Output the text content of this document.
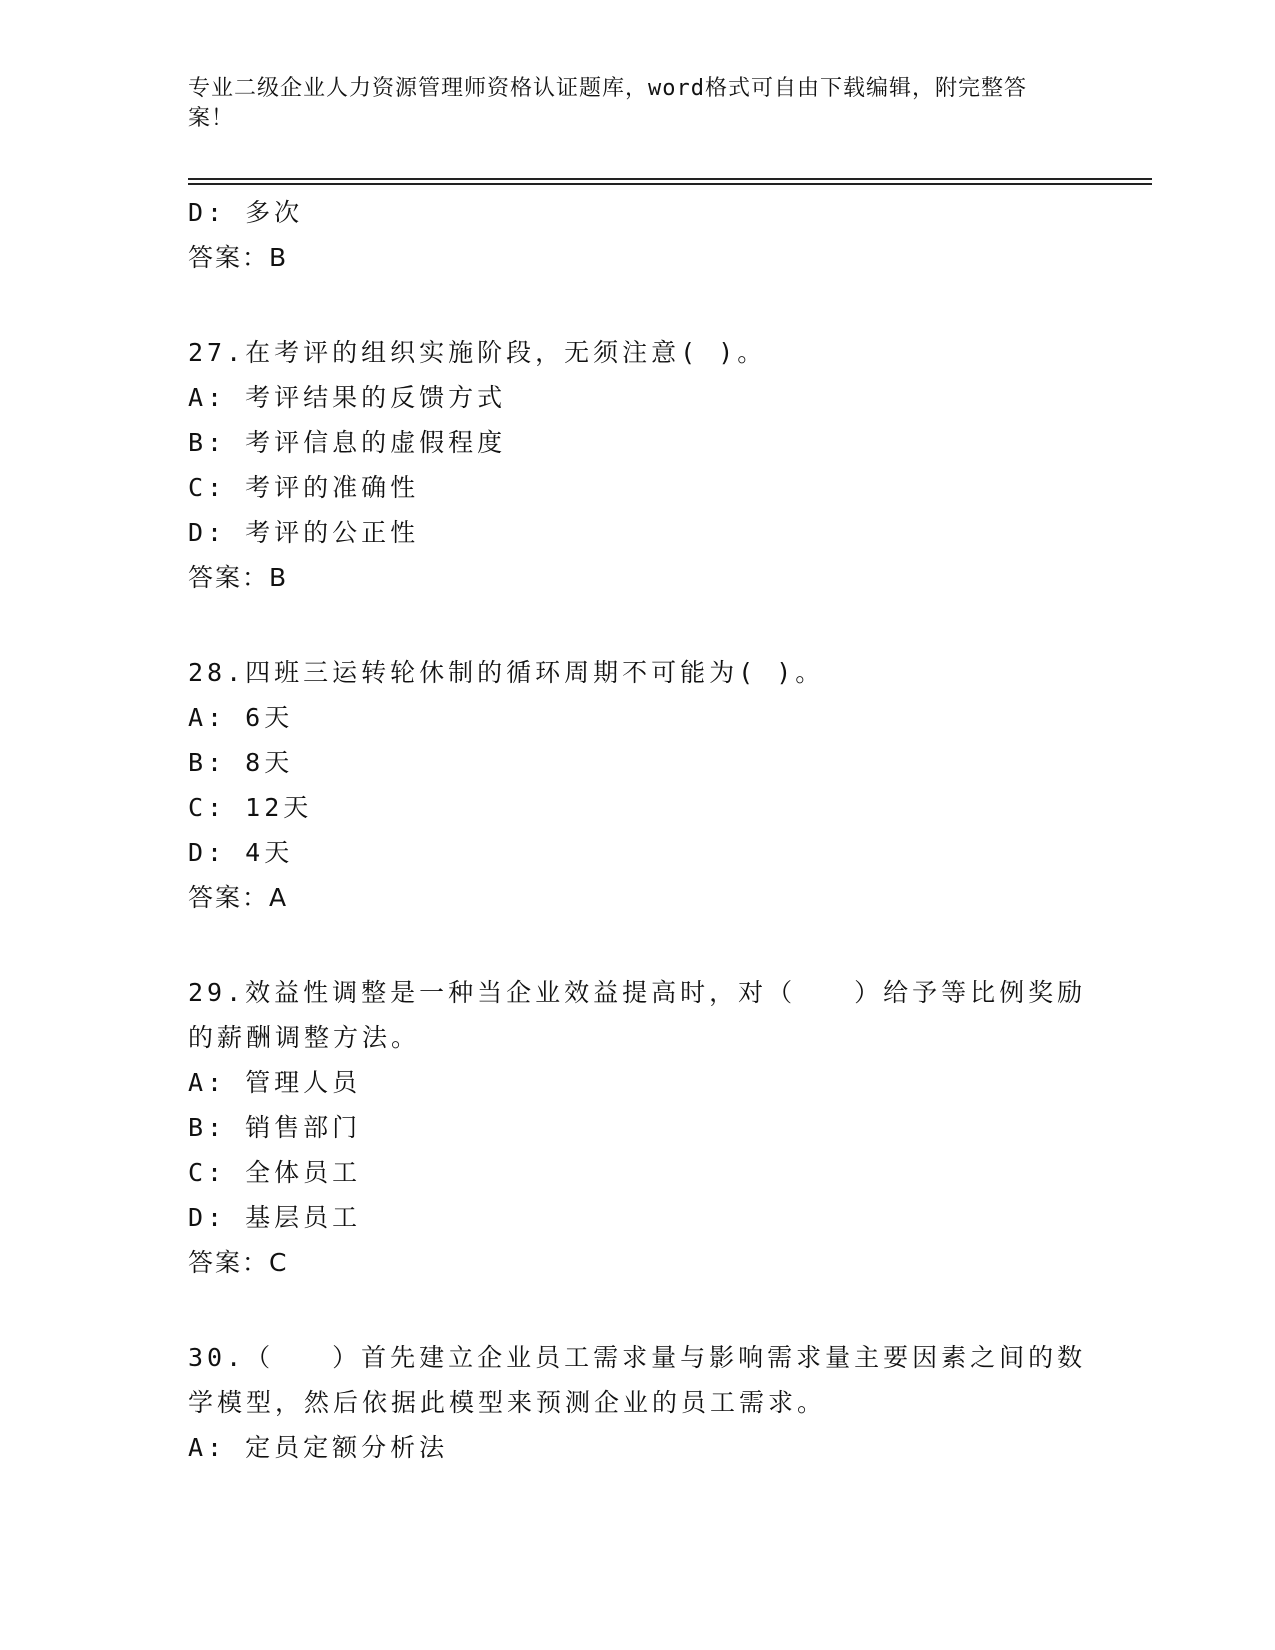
专业二级企业人力资源管理师资格认证题库，word格式可自由下载编辑，附完整答案！
D: 多次
答案：B
27.在考评的组织实施阶段，无须注意( )。
A: 考评结果的反馈方式
B: 考评信息的虚假程度
C: 考评的准确性
D: 考评的公正性
答案：B
28.四班三运转轮休制的循环周期不可能为( )。
A: 6天
B: 8天
C: 12天
D: 4天
答案：A
29.效益性调整是一种当企业效益提高时，对（　　）给予等比例奖励的薪酬调整方法。
A: 管理人员
B: 销售部门
C: 全体员工
D: 基层员工
答案：C
30.（　　）首先建立企业员工需求量与影响需求量主要因素之间的数学模型，然后依据此模型来预测企业的员工需求。
A: 定员定额分析法
